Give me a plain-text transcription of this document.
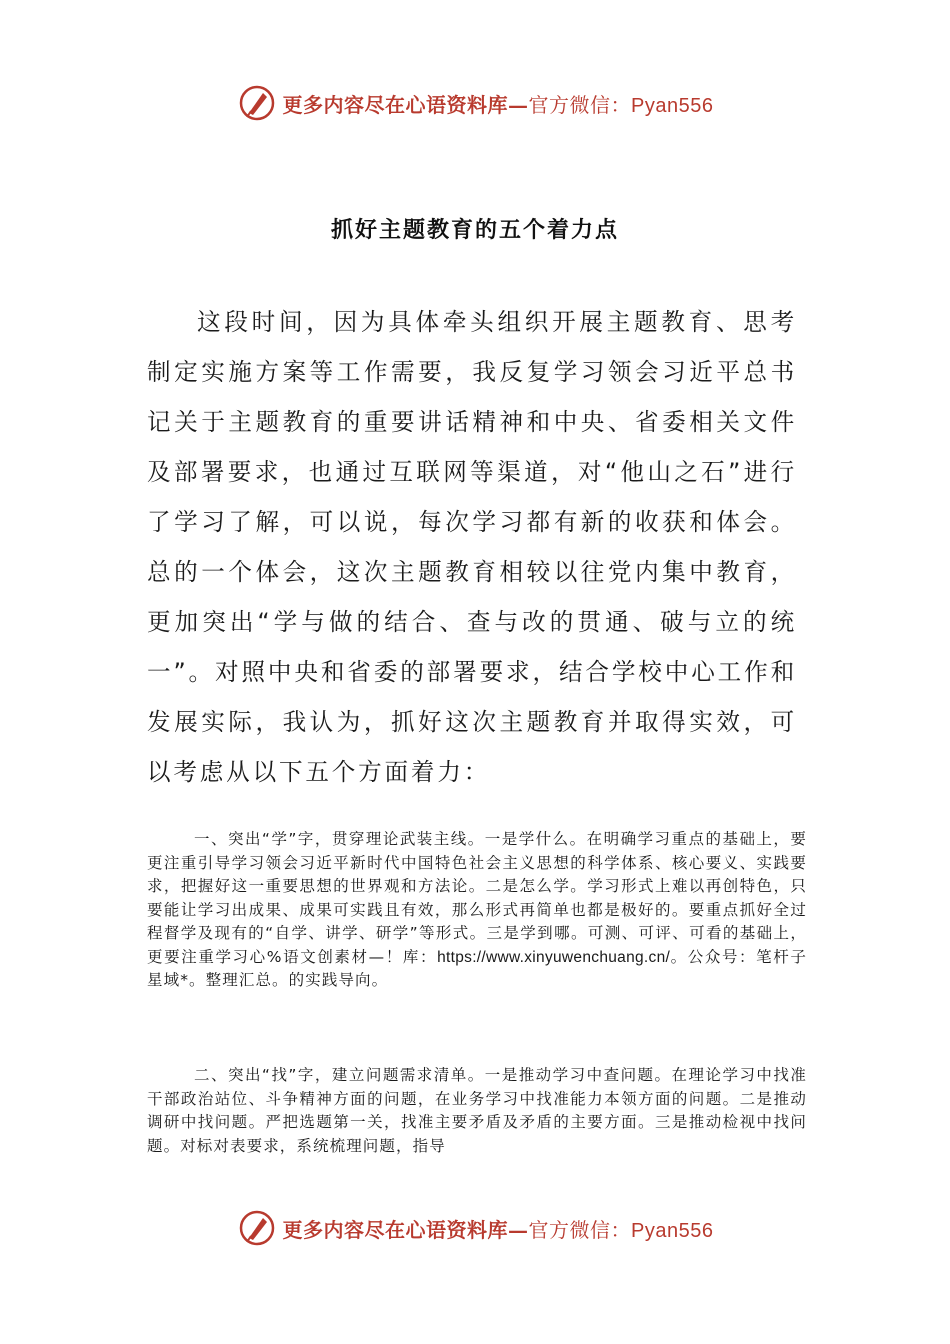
更多内容尽在心语资料库—官方微信：Pyan556
抓好主题教育的五个着力点

这段时间，因为具体牵头组织开展主题教育、思考制定实施方案等工作需要，我反复学习领会习近平总书记关于主题教育的重要讲话精神和中央、省委相关文件及部署要求，也通过互联网等渠道，对“他山之石”进行了学习了解，可以说，每次学习都有新的收获和体会。总的一个体会，这次主题教育相较以往党内集中教育，更加突出“学与做的结合、查与改的贯通、破与立的统一”。对照中央和省委的部署要求，结合学校中心工作和发展实际，我认为，抓好这次主题教育并取得实效，可以考虑从以下五个方面着力：

一、突出“学”字，贯穿理论武装主线。一是学什么。在明确学习重点的基础上，要更注重引导学习领会习近平新时代中国特色社会主义思想的科学体系、核心要义、实践要求，把握好这一重要思想的世界观和方法论。二是怎么学。学习形式上难以再创特色，只要能让学习出成果、成果可实践且有效，那么形式再简单也都是极好的。要重点抓好全过程督学及现有的“自学、讲学、研学”等形式。三是学到哪。可测、可评、可看的基础上，更要注重学习心%语文创素材—！库：https://www.xinyuwenchuang.cn/。公众号：笔杆子星域*。整理汇总。的实践导向。

二、突出“找”字，建立问题需求清单。一是推动学习中查问题。在理论学习中找准干部政治站位、斗争精神方面的问题，在业务学习中找准能力本领方面的问题。二是推动调研中找问题。严把选题第一关，找准主要矛盾及矛盾的主要方面。三是推动检视中找问题。对标对表要求，系统梳理问题，指导

更多内容尽在心语资料库—官方微信：Pyan556
